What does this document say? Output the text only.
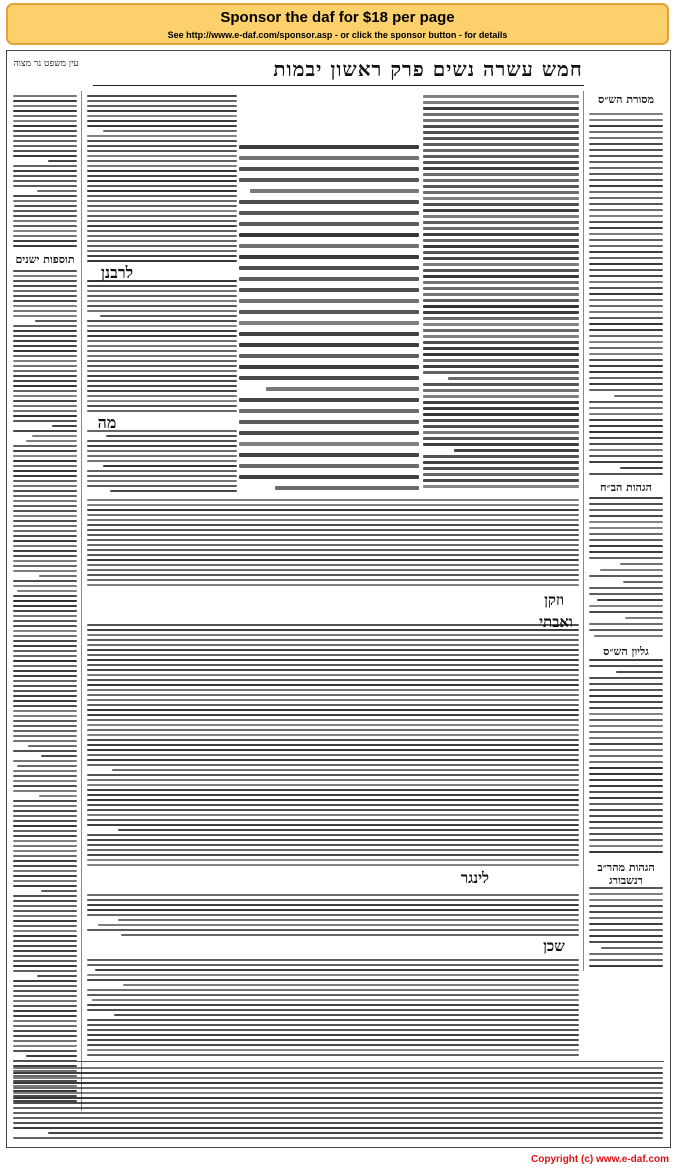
Sponsor the daf for $18 per page
See http://www.e-daf.com/sponsor.asp - or click the sponsor button - for details
חמש עשרה נשים פרק ראשון יבמות
עין משפט נר מצוה
תוספות ישנים
מסורת הש״ס
הגהות הב״ח
גליון הש״ס
הגהות מהר״ב רנשבורג
לרבנן
מה
וזקן
ואבתי
לינגר
שכן
Copyright (c) www.e-daf.com
